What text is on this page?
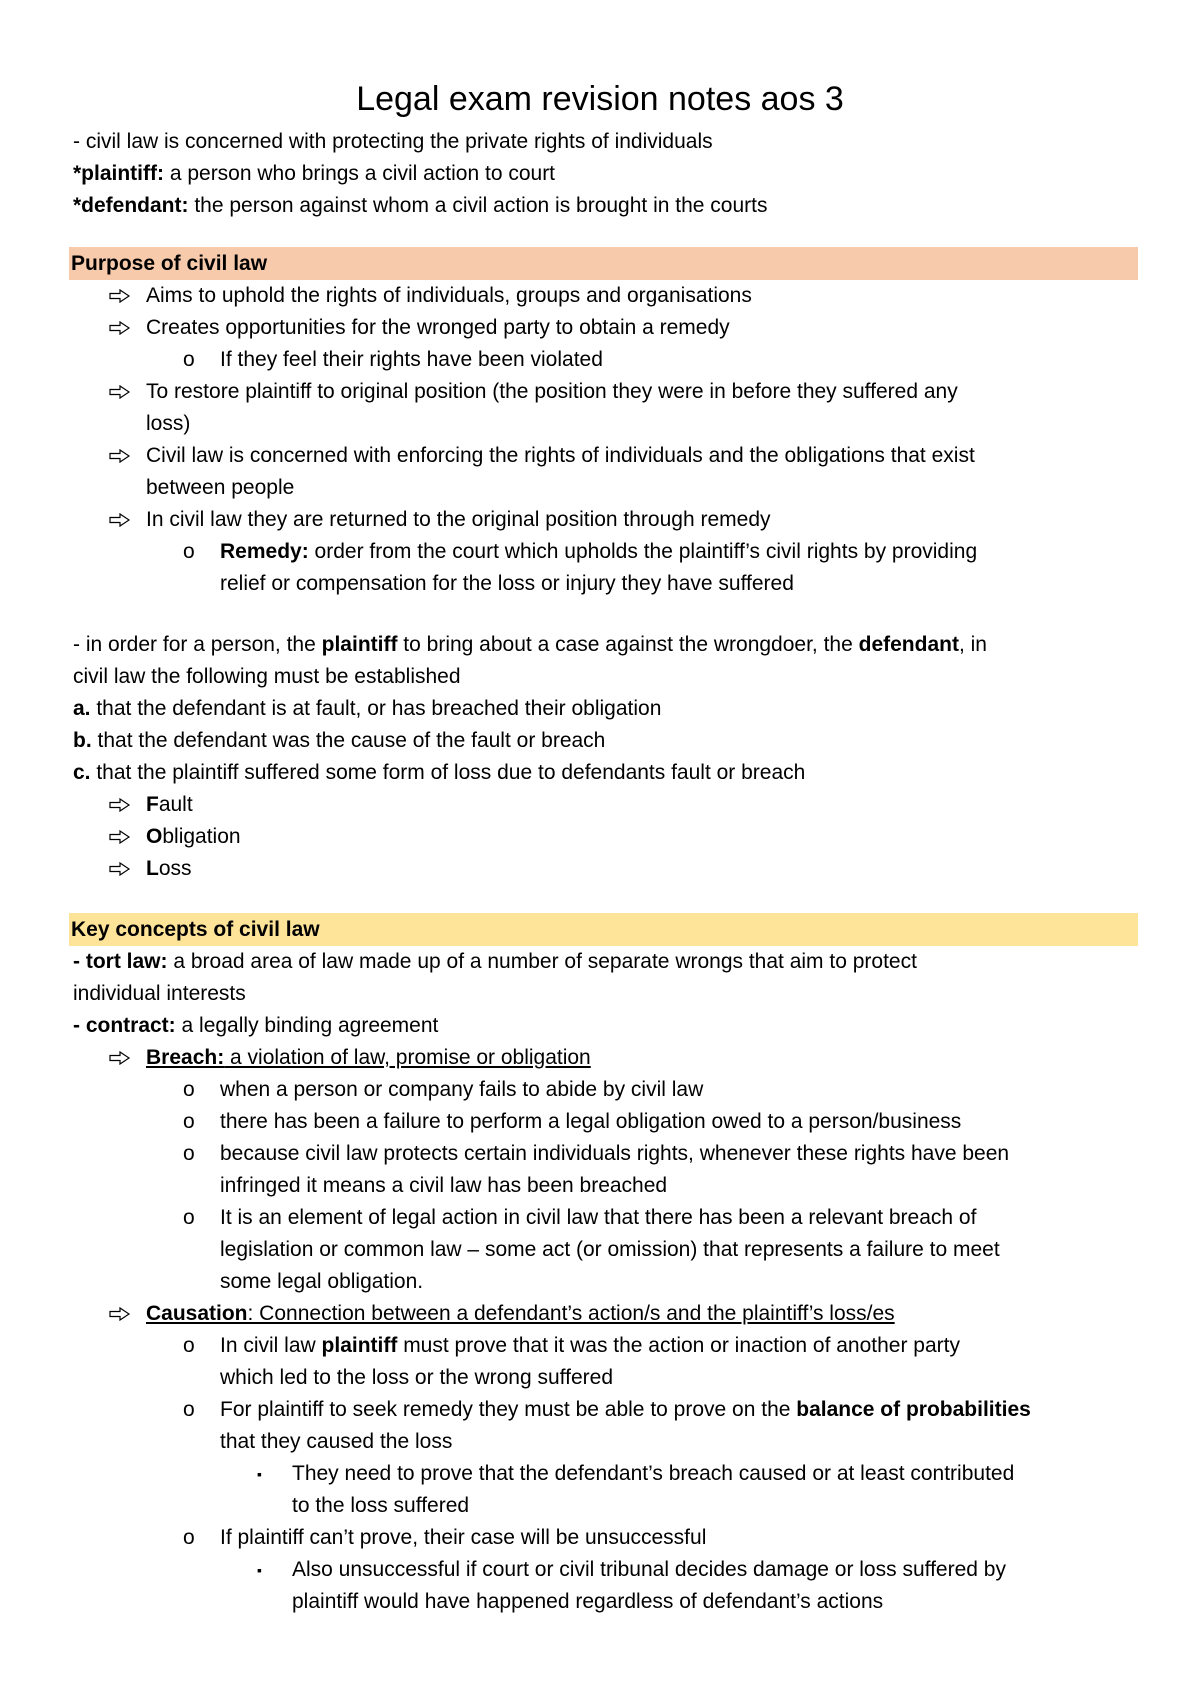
Legal exam revision notes aos 3
- civil law is concerned with protecting the private rights of individuals
*plaintiff: a person who brings a civil action to court
*defendant: the person against whom a civil action is brought in the courts
Purpose of civil law
Aims to uphold the rights of individuals, groups and organisations
Creates opportunities for the wronged party to obtain a remedy
o If they feel their rights have been violated
To restore plaintiff to original position (the position they were in before they suffered any
loss)
Civil law is concerned with enforcing the rights of individuals and the obligations that exist
between people
In civil law they are returned to the original position through remedy
o Remedy: order from the court which upholds the plaintiff’s civil rights by providing
relief or compensation for the loss or injury they have suffered
- in order for a person, the plaintiff to bring about a case against the wrongdoer, the defendant, in
civil law the following must be established
a. that the defendant is at fault, or has breached their obligation
b. that the defendant was the cause of the fault or breach
c. that the plaintiff suffered some form of loss due to defendants fault or breach
Fault
Obligation
Loss
Key concepts of civil law
- tort law: a broad area of law made up of a number of separate wrongs that aim to protect
individual interests
- contract: a legally binding agreement
Breach: a violation of law, promise or obligation
o when a person or company fails to abide by civil law
o there has been a failure to perform a legal obligation owed to a person/business
o because civil law protects certain individuals rights, whenever these rights have been
infringed it means a civil law has been breached
o It is an element of legal action in civil law that there has been a relevant breach of
legislation or common law – some act (or omission) that represents a failure to meet
some legal obligation.
Causation: Connection between a defendant’s action/s and the plaintiff’s loss/es
o In civil law plaintiff must prove that it was the action or inaction of another party
which led to the loss or the wrong suffered
o For plaintiff to seek remedy they must be able to prove on the balance of probabilities
that they caused the loss
▪ They need to prove that the defendant’s breach caused or at least contributed
to the loss suffered
o If plaintiff can’t prove, their case will be unsuccessful
▪ Also unsuccessful if court or civil tribunal decides damage or loss suffered by
plaintiff would have happened regardless of defendant’s actions
